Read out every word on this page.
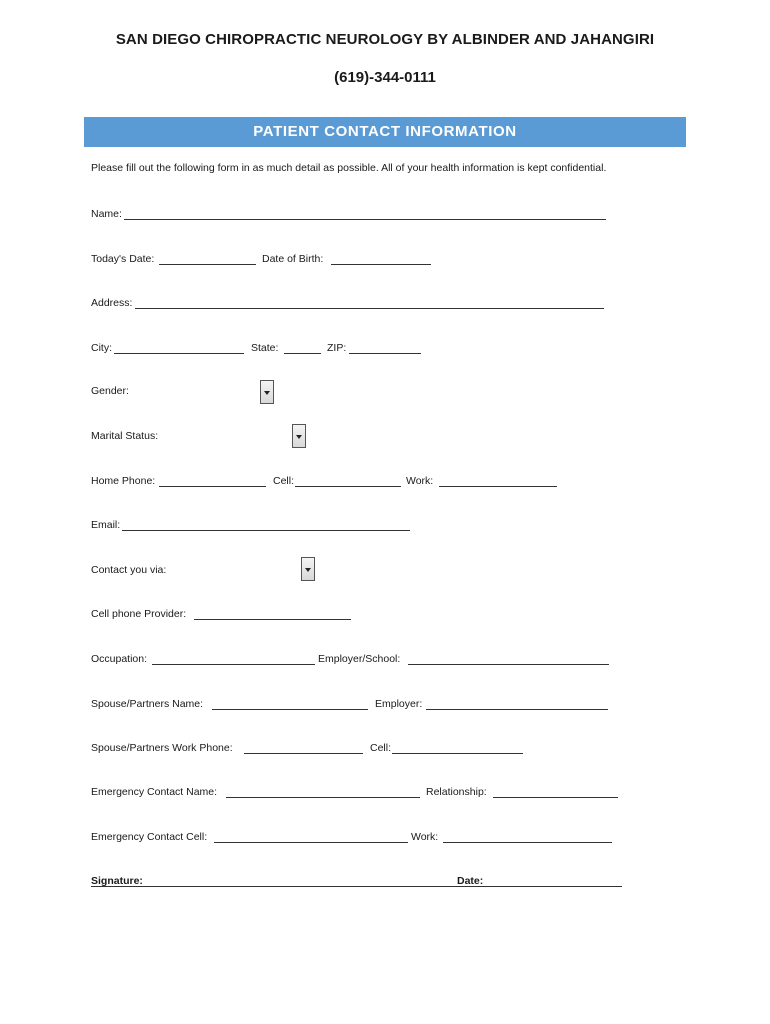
SAN DIEGO CHIROPRACTIC NEUROLOGY BY ALBINDER AND JAHANGIRI
(619)-344-0111
PATIENT CONTACT INFORMATION
Please fill out the following form in as much detail as possible. All of your health information is kept confidential.
Name:
Today's Date:	Date of Birth:
Address:
City:	State:	ZIP:
Gender:
Marital Status:
Home Phone:	Cell:	Work:
Email:
Contact you via:
Cell phone Provider:
Occupation:	Employer/School:
Spouse/Partners Name:	Employer:
Spouse/Partners Work Phone:	Cell:
Emergency Contact Name:	Relationship:
Emergency Contact Cell:	Work:
Signature:	Date:
